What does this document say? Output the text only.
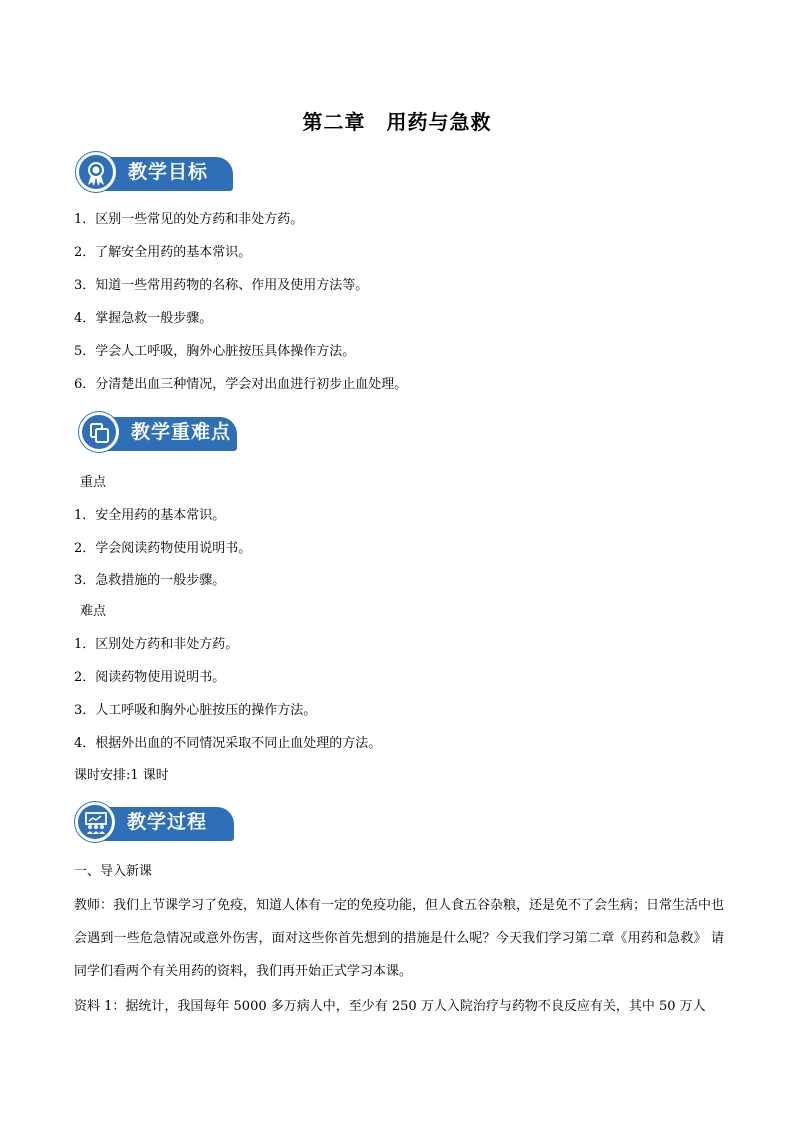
第二章　用药与急救
教学目标
1．区别一些常见的处方药和非处方药。
2．了解安全用药的基本常识。
3．知道一些常用药物的名称、作用及使用方法等。
4．掌握急救一般步骤。
5．学会人工呼吸，胸外心脏按压具体操作方法。
6．分清楚出血三种情况，学会对出血进行初步止血处理。
教学重难点
重点
1．安全用药的基本常识。
2．学会阅读药物使用说明书。
3．急救措施的一般步骤。
难点
1．区别处方药和非处方药。
2．阅读药物使用说明书。
3．人工呼吸和胸外心脏按压的操作方法。
4．根据外出血的不同情况采取不同止血处理的方法。
课时安排:1 课时
教学过程
一、导入新课
教师：我们上节课学习了免疫，知道人体有一定的免疫功能，但人食五谷杂粮，还是免不了会生病；日常生活中也会遇到一些危急情况或意外伤害，面对这些你首先想到的措施是什么呢？今天我们学习第二章《用药和急救》 请同学们看两个有关用药的资料，我们再开始正式学习本课。
资料 1：据统计，我国每年 5000 多万病人中，至少有 250 万人入院治疗与药物不良反应有关，其中 50 万人
